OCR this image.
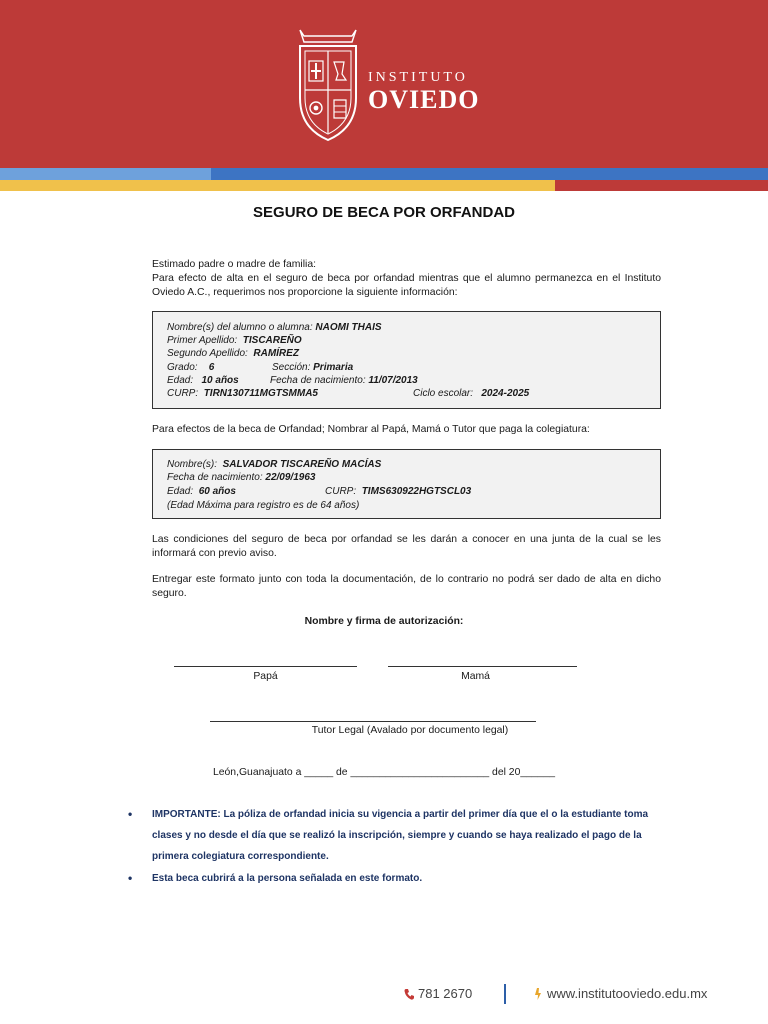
INSTITUTO
OVIEDO
SEGURO DE BECA POR ORFANDAD
Estimado padre o madre de familia:
Para efecto de alta en el seguro de beca por orfandad mientras que el alumno permanezca en el Instituto Oviedo A.C., requerimos nos proporcione la siguiente información:
Nombre(s) del alumno o alumna: NAOMI THAIS
Primer Apellido: TISCAREÑO
Segundo Apellido: RAMÍREZ
Grado: 6	Sección: Primaria
Edad: 10 años	Fecha de nacimiento: 11/07/2013
CURP: TIRN130711MGTSMMA5	Ciclo escolar: 2024-2025
Para efectos de la beca de Orfandad; Nombrar al Papá, Mamá o Tutor que paga la colegiatura:
Nombre(s): SALVADOR TISCAREÑO MACÍAS
Fecha de nacimiento: 22/09/1963
Edad: 60 años	CURP: TIMS630922HGTSCL03
(Edad Máxima para registro es de 64 años)
Las condiciones del seguro de beca por orfandad se les darán a conocer en una junta de la cual se les informará con previo aviso.
Entregar este formato junto con toda la documentación, de lo contrario no podrá ser dado de alta en dicho seguro.
Nombre y firma de autorización:
Papá	Mamá
Tutor Legal (Avalado por documento legal)
León,Guanajuato a _____ de ________________________ del 20______
• IMPORTANTE: La póliza de orfandad inicia su vigencia a partir del primer día que el o la estudiante toma clases y no desde el día que se realizó la inscripción, siempre y cuando se haya realizado el pago de la primera colegiatura correspondiente.
• Esta beca cubrirá a la persona señalada en este formato.
781 2670	www.institutooviedo.edu.mx
